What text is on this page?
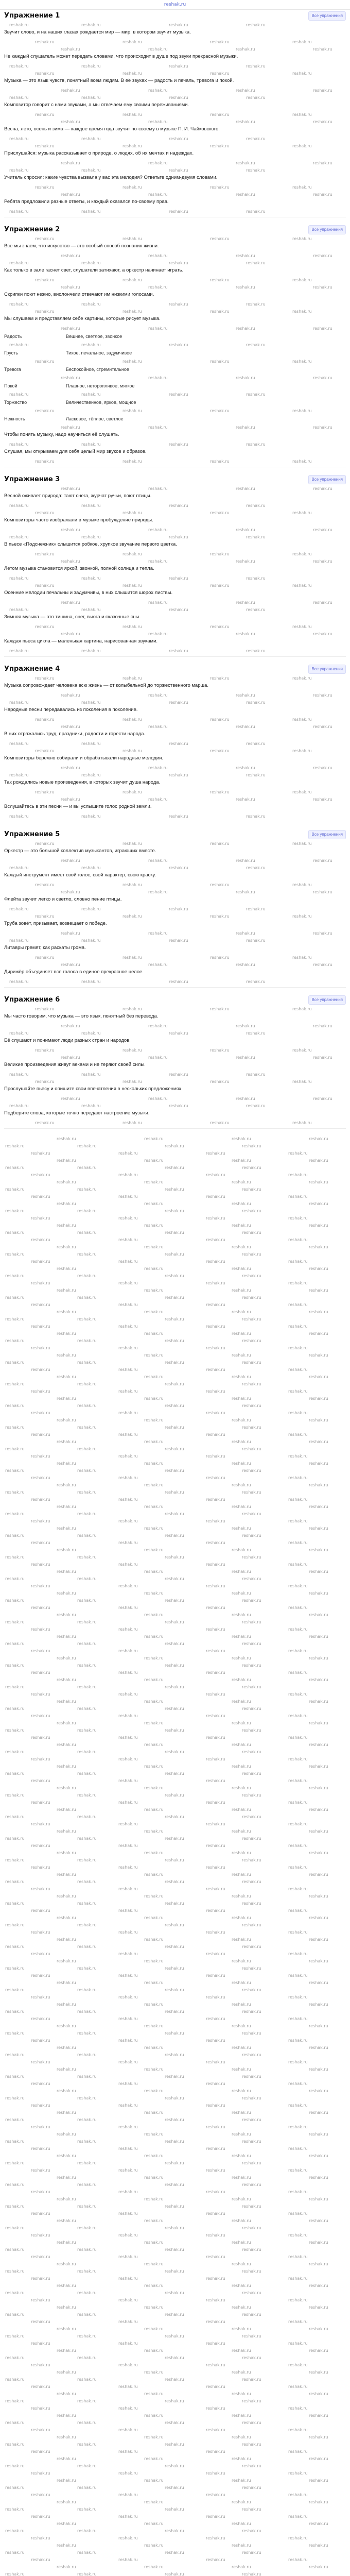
reshak.ru
Упражнение 1	Все упражнения
reshak.ru	reshak.ru	reshak.ru	reshak.ru

Звучит слово, и на наших глазах рождается мир — мир, в котором звучит музыка.

reshak.ru	reshak.ru	reshak.ru	reshak.ru
reshak.ru	reshak.ru	reshak.ru	reshak.ru

Не каждый слушатель может передать словами, что происходит в душе под звуки прекрасной музыки.

reshak.ru	reshak.ru	reshak.ru	reshak.ru
reshak.ru	reshak.ru	reshak.ru	reshak.ru

Музыка — это язык чувств, понятный всем людям. В её звуках — радость и печаль, тревога и покой.

reshak.ru	reshak.ru	reshak.ru	reshak.ru
reshak.ru	reshak.ru	reshak.ru	reshak.ru

Композитор говорит с нами звуками, а мы отвечаем ему своими переживаниями.

reshak.ru	reshak.ru	reshak.ru	reshak.ru
reshak.ru	reshak.ru	reshak.ru	reshak.ru

Весна, лето, осень и зима — каждое время года звучит по-своему в музыке П. И. Чайковского.

reshak.ru	reshak.ru	reshak.ru	reshak.ru
reshak.ru	reshak.ru	reshak.ru	reshak.ru

Прислушайся: музыка рассказывает о природе, о людях, об их мечтах и надеждах.

reshak.ru	reshak.ru	reshak.ru	reshak.ru
reshak.ru	reshak.ru	reshak.ru	reshak.ru

Учитель спросил: какие чувства вызвала у вас эта мелодия? Ответьте одним-двумя словами.

reshak.ru	reshak.ru	reshak.ru	reshak.ru
reshak.ru	reshak.ru	reshak.ru	reshak.ru

Ребята предложили разные ответы, и каждый оказался по-своему прав.

reshak.ru	reshak.ru	reshak.ru	reshak.ru
Упражнение 2	Все упражнения
reshak.ru	reshak.ru	reshak.ru	reshak.ru

Все мы знаем, что искусство — это особый способ познания жизни.

reshak.ru	reshak.ru	reshak.ru	reshak.ru
reshak.ru	reshak.ru	reshak.ru	reshak.ru

Как только в зале гаснет свет, слушатели затихают, а оркестр начинает играть.

reshak.ru	reshak.ru	reshak.ru	reshak.ru
reshak.ru	reshak.ru	reshak.ru	reshak.ru

Скрипки поют нежно, виолончели отвечают им низкими голосами.

reshak.ru	reshak.ru	reshak.ru	reshak.ru
reshak.ru	reshak.ru	reshak.ru	reshak.ru

Мы слушаем и представляем себе картины, которые рисует музыка.

reshak.ru	reshak.ru	reshak.ru	reshak.ru
Радость	Вешнее, светлое, звонкое
reshak.ru	reshak.ru	reshak.ru	reshak.ru
Грусть	Тихое, печальное, задумчивое
reshak.ru	reshak.ru	reshak.ru	reshak.ru
Тревога	Беспокойное, стремительное
reshak.ru	reshak.ru	reshak.ru	reshak.ru
Покой	Плавное, неторопливое, мягкое
reshak.ru	reshak.ru	reshak.ru	reshak.ru
Торжество	Величественное, яркое, мощное
reshak.ru	reshak.ru	reshak.ru	reshak.ru
Нежность	Ласковое, тёплое, светлое
reshak.ru	reshak.ru	reshak.ru	reshak.ru

Чтобы понять музыку, надо научиться её слушать.

reshak.ru	reshak.ru	reshak.ru	reshak.ru

Слушая, мы открываем для себя целый мир звуков и образов.

reshak.ru	reshak.ru	reshak.ru	reshak.ru
Упражнение 3	Все упражнения
reshak.ru	reshak.ru	reshak.ru	reshak.ru

Весной оживает природа: тают снега, журчат ручьи, поют птицы.

reshak.ru	reshak.ru	reshak.ru	reshak.ru
reshak.ru	reshak.ru	reshak.ru	reshak.ru

Композиторы часто изображали в музыке пробуждение природы.

reshak.ru	reshak.ru	reshak.ru	reshak.ru
reshak.ru	reshak.ru	reshak.ru	reshak.ru

В пьесе «Подснежник» слышится робкое, хрупкое звучание первого цветка.

reshak.ru	reshak.ru	reshak.ru	reshak.ru
reshak.ru	reshak.ru	reshak.ru	reshak.ru

Летом музыка становится яркой, звонкой, полной солнца и тепла.

reshak.ru	reshak.ru	reshak.ru	reshak.ru
reshak.ru	reshak.ru	reshak.ru	reshak.ru

Осенние мелодии печальны и задумчивы, в них слышится шорох листвы.

reshak.ru	reshak.ru	reshak.ru	reshak.ru
reshak.ru	reshak.ru	reshak.ru	reshak.ru

Зимняя музыка — это тишина, снег, вьюга и сказочные сны.

reshak.ru	reshak.ru	reshak.ru	reshak.ru
reshak.ru	reshak.ru	reshak.ru	reshak.ru

Каждая пьеса цикла — маленькая картина, нарисованная звуками.

reshak.ru	reshak.ru	reshak.ru	reshak.ru
Упражнение 4	Все упражнения
reshak.ru	reshak.ru	reshak.ru	reshak.ru

Музыка сопровождает человека всю жизнь — от колыбельной до торжественного марша.

reshak.ru	reshak.ru	reshak.ru	reshak.ru
reshak.ru	reshak.ru	reshak.ru	reshak.ru

Народные песни передавались из поколения в поколение.

reshak.ru	reshak.ru	reshak.ru	reshak.ru
reshak.ru	reshak.ru	reshak.ru	reshak.ru

В них отражались труд, праздники, радости и горести народа.

reshak.ru	reshak.ru	reshak.ru	reshak.ru
reshak.ru	reshak.ru	reshak.ru	reshak.ru

Композиторы бережно собирали и обрабатывали народные мелодии.

reshak.ru	reshak.ru	reshak.ru	reshak.ru
reshak.ru	reshak.ru	reshak.ru	reshak.ru

Так рождались новые произведения, в которых звучит душа народа.

reshak.ru	reshak.ru	reshak.ru	reshak.ru
reshak.ru	reshak.ru	reshak.ru	reshak.ru

Вслушайтесь в эти песни — и вы услышите голос родной земли.

reshak.ru	reshak.ru	reshak.ru	reshak.ru
Упражнение 5	Все упражнения
reshak.ru	reshak.ru	reshak.ru	reshak.ru

Оркестр — это большой коллектив музыкантов, играющих вместе.

reshak.ru	reshak.ru	reshak.ru	reshak.ru
reshak.ru	reshak.ru	reshak.ru	reshak.ru

Каждый инструмент имеет свой голос, свой характер, свою краску.

reshak.ru	reshak.ru	reshak.ru	reshak.ru
reshak.ru	reshak.ru	reshak.ru	reshak.ru

Флейта звучит легко и светло, словно пение птицы.

reshak.ru	reshak.ru	reshak.ru	reshak.ru
reshak.ru	reshak.ru	reshak.ru	reshak.ru

Труба зовёт, призывает, возвещает о победе.

reshak.ru	reshak.ru	reshak.ru	reshak.ru
reshak.ru	reshak.ru	reshak.ru	reshak.ru

Литавры гремят, как раскаты грома.

reshak.ru	reshak.ru	reshak.ru	reshak.ru
reshak.ru	reshak.ru	reshak.ru	reshak.ru

Дирижёр объединяет все голоса в единое прекрасное целое.

reshak.ru	reshak.ru	reshak.ru	reshak.ru
Упражнение 6	Все упражнения
reshak.ru	reshak.ru	reshak.ru	reshak.ru

Мы часто говорим, что музыка — это язык, понятный без перевода.

reshak.ru	reshak.ru	reshak.ru	reshak.ru
reshak.ru	reshak.ru	reshak.ru	reshak.ru

Её слушают и понимают люди разных стран и народов.

reshak.ru	reshak.ru	reshak.ru	reshak.ru
reshak.ru	reshak.ru	reshak.ru	reshak.ru

Великие произведения живут веками и не теряют своей силы.

reshak.ru	reshak.ru	reshak.ru	reshak.ru
reshak.ru	reshak.ru	reshak.ru	reshak.ru

Прослушайте пьесу и опишите свои впечатления в нескольких предложениях.

reshak.ru	reshak.ru	reshak.ru	reshak.ru
reshak.ru	reshak.ru	reshak.ru	reshak.ru

Подберите слова, которые точно передают настроение музыки.

reshak.ru	reshak.ru	reshak.ru	reshak.ru
reshak.ru	reshak.ru	reshak.ru	reshak.ru
reshak.ru	reshak.ru	reshak.ru	reshak.ru
reshak.ru	reshak.ru	reshak.ru	reshak.ru
reshak.ru	reshak.ru	reshak.ru	reshak.ru
reshak.ru	reshak.ru	reshak.ru	reshak.ru
reshak.ru	reshak.ru	reshak.ru	reshak.ru
reshak.ru	reshak.ru	reshak.ru	reshak.ru
reshak.ru	reshak.ru	reshak.ru	reshak.ru
reshak.ru	reshak.ru	reshak.ru	reshak.ru
reshak.ru	reshak.ru	reshak.ru	reshak.ru
reshak.ru	reshak.ru	reshak.ru	reshak.ru
reshak.ru	reshak.ru	reshak.ru	reshak.ru
reshak.ru	reshak.ru	reshak.ru	reshak.ru
reshak.ru	reshak.ru	reshak.ru	reshak.ru
reshak.ru	reshak.ru	reshak.ru	reshak.ru
reshak.ru	reshak.ru	reshak.ru	reshak.ru
reshak.ru	reshak.ru	reshak.ru	reshak.ru
reshak.ru	reshak.ru	reshak.ru	reshak.ru
reshak.ru	reshak.ru	reshak.ru	reshak.ru
reshak.ru	reshak.ru	reshak.ru	reshak.ru
reshak.ru	reshak.ru	reshak.ru	reshak.ru
reshak.ru	reshak.ru	reshak.ru	reshak.ru
reshak.ru	reshak.ru	reshak.ru	reshak.ru
reshak.ru	reshak.ru	reshak.ru	reshak.ru
reshak.ru	reshak.ru	reshak.ru	reshak.ru
reshak.ru	reshak.ru	reshak.ru	reshak.ru
reshak.ru	reshak.ru	reshak.ru	reshak.ru
reshak.ru	reshak.ru	reshak.ru	reshak.ru
reshak.ru	reshak.ru	reshak.ru	reshak.ru
reshak.ru	reshak.ru	reshak.ru	reshak.ru
reshak.ru	reshak.ru	reshak.ru	reshak.ru
reshak.ru	reshak.ru	reshak.ru	reshak.ru
reshak.ru	reshak.ru	reshak.ru	reshak.ru
reshak.ru	reshak.ru	reshak.ru	reshak.ru
reshak.ru	reshak.ru	reshak.ru	reshak.ru
reshak.ru	reshak.ru	reshak.ru	reshak.ru
reshak.ru	reshak.ru	reshak.ru	reshak.ru
reshak.ru	reshak.ru	reshak.ru	reshak.ru
reshak.ru	reshak.ru	reshak.ru	reshak.ru
reshak.ru	reshak.ru	reshak.ru	reshak.ru
reshak.ru	reshak.ru	reshak.ru	reshak.ru
reshak.ru	reshak.ru	reshak.ru	reshak.ru
reshak.ru	reshak.ru	reshak.ru	reshak.ru
reshak.ru	reshak.ru	reshak.ru	reshak.ru
reshak.ru	reshak.ru	reshak.ru	reshak.ru
reshak.ru	reshak.ru	reshak.ru	reshak.ru
reshak.ru	reshak.ru	reshak.ru	reshak.ru
reshak.ru	reshak.ru	reshak.ru	reshak.ru
reshak.ru	reshak.ru	reshak.ru	reshak.ru
reshak.ru	reshak.ru	reshak.ru	reshak.ru
reshak.ru	reshak.ru	reshak.ru	reshak.ru
reshak.ru	reshak.ru	reshak.ru	reshak.ru
reshak.ru	reshak.ru	reshak.ru	reshak.ru
reshak.ru	reshak.ru	reshak.ru	reshak.ru
reshak.ru	reshak.ru	reshak.ru	reshak.ru
reshak.ru	reshak.ru	reshak.ru	reshak.ru
reshak.ru	reshak.ru	reshak.ru	reshak.ru
reshak.ru	reshak.ru	reshak.ru	reshak.ru
reshak.ru	reshak.ru	reshak.ru	reshak.ru
reshak.ru	reshak.ru	reshak.ru	reshak.ru
reshak.ru	reshak.ru	reshak.ru	reshak.ru
reshak.ru	reshak.ru	reshak.ru	reshak.ru
reshak.ru	reshak.ru	reshak.ru	reshak.ru
reshak.ru	reshak.ru	reshak.ru	reshak.ru
reshak.ru	reshak.ru	reshak.ru	reshak.ru
reshak.ru	reshak.ru	reshak.ru	reshak.ru
reshak.ru	reshak.ru	reshak.ru	reshak.ru
reshak.ru	reshak.ru	reshak.ru	reshak.ru
reshak.ru	reshak.ru	reshak.ru	reshak.ru
reshak.ru	reshak.ru	reshak.ru	reshak.ru
reshak.ru	reshak.ru	reshak.ru	reshak.ru
reshak.ru	reshak.ru	reshak.ru	reshak.ru
reshak.ru	reshak.ru	reshak.ru	reshak.ru
reshak.ru	reshak.ru	reshak.ru	reshak.ru
reshak.ru	reshak.ru	reshak.ru	reshak.ru
reshak.ru	reshak.ru	reshak.ru	reshak.ru
reshak.ru	reshak.ru	reshak.ru	reshak.ru
reshak.ru	reshak.ru	reshak.ru	reshak.ru
reshak.ru	reshak.ru	reshak.ru	reshak.ru
reshak.ru	reshak.ru	reshak.ru	reshak.ru
reshak.ru	reshak.ru	reshak.ru	reshak.ru
reshak.ru	reshak.ru	reshak.ru	reshak.ru
reshak.ru	reshak.ru	reshak.ru	reshak.ru
reshak.ru	reshak.ru	reshak.ru	reshak.ru
reshak.ru	reshak.ru	reshak.ru	reshak.ru
reshak.ru	reshak.ru	reshak.ru	reshak.ru
reshak.ru	reshak.ru	reshak.ru	reshak.ru
reshak.ru	reshak.ru	reshak.ru	reshak.ru
reshak.ru	reshak.ru	reshak.ru	reshak.ru
reshak.ru	reshak.ru	reshak.ru	reshak.ru
reshak.ru	reshak.ru	reshak.ru	reshak.ru
reshak.ru	reshak.ru	reshak.ru	reshak.ru
reshak.ru	reshak.ru	reshak.ru	reshak.ru
reshak.ru	reshak.ru	reshak.ru	reshak.ru
reshak.ru	reshak.ru	reshak.ru	reshak.ru
reshak.ru	reshak.ru	reshak.ru	reshak.ru
reshak.ru	reshak.ru	reshak.ru	reshak.ru
reshak.ru	reshak.ru	reshak.ru	reshak.ru
reshak.ru	reshak.ru	reshak.ru	reshak.ru
reshak.ru	reshak.ru	reshak.ru	reshak.ru
reshak.ru	reshak.ru	reshak.ru	reshak.ru
reshak.ru	reshak.ru	reshak.ru	reshak.ru
reshak.ru	reshak.ru	reshak.ru	reshak.ru
reshak.ru	reshak.ru	reshak.ru	reshak.ru
reshak.ru	reshak.ru	reshak.ru	reshak.ru
reshak.ru	reshak.ru	reshak.ru	reshak.ru
reshak.ru	reshak.ru	reshak.ru	reshak.ru
reshak.ru	reshak.ru	reshak.ru	reshak.ru
reshak.ru	reshak.ru	reshak.ru	reshak.ru
reshak.ru	reshak.ru	reshak.ru	reshak.ru
reshak.ru	reshak.ru	reshak.ru	reshak.ru
reshak.ru	reshak.ru	reshak.ru	reshak.ru
reshak.ru	reshak.ru	reshak.ru	reshak.ru
reshak.ru	reshak.ru	reshak.ru	reshak.ru
reshak.ru	reshak.ru	reshak.ru	reshak.ru
reshak.ru	reshak.ru	reshak.ru	reshak.ru
reshak.ru	reshak.ru	reshak.ru	reshak.ru
reshak.ru	reshak.ru	reshak.ru	reshak.ru
reshak.ru	reshak.ru	reshak.ru	reshak.ru
reshak.ru	reshak.ru	reshak.ru	reshak.ru
reshak.ru	reshak.ru	reshak.ru	reshak.ru
reshak.ru	reshak.ru	reshak.ru	reshak.ru
reshak.ru	reshak.ru	reshak.ru	reshak.ru
reshak.ru	reshak.ru	reshak.ru	reshak.ru
reshak.ru	reshak.ru	reshak.ru	reshak.ru
reshak.ru	reshak.ru	reshak.ru	reshak.ru
reshak.ru	reshak.ru	reshak.ru	reshak.ru
reshak.ru	reshak.ru	reshak.ru	reshak.ru
reshak.ru	reshak.ru	reshak.ru	reshak.ru
reshak.ru	reshak.ru	reshak.ru	reshak.ru
reshak.ru	reshak.ru	reshak.ru	reshak.ru
reshak.ru	reshak.ru	reshak.ru	reshak.ru
reshak.ru	reshak.ru	reshak.ru	reshak.ru
reshak.ru	reshak.ru	reshak.ru	reshak.ru
reshak.ru	reshak.ru	reshak.ru	reshak.ru
reshak.ru	reshak.ru	reshak.ru	reshak.ru
reshak.ru	reshak.ru	reshak.ru	reshak.ru
reshak.ru	reshak.ru	reshak.ru	reshak.ru
reshak.ru	reshak.ru	reshak.ru	reshak.ru
reshak.ru	reshak.ru	reshak.ru	reshak.ru
reshak.ru	reshak.ru	reshak.ru	reshak.ru
reshak.ru	reshak.ru	reshak.ru	reshak.ru
reshak.ru	reshak.ru	reshak.ru	reshak.ru
reshak.ru	reshak.ru	reshak.ru	reshak.ru
reshak.ru	reshak.ru	reshak.ru	reshak.ru
reshak.ru	reshak.ru	reshak.ru	reshak.ru
reshak.ru	reshak.ru	reshak.ru	reshak.ru
reshak.ru	reshak.ru	reshak.ru	reshak.ru
reshak.ru	reshak.ru	reshak.ru	reshak.ru
reshak.ru	reshak.ru	reshak.ru	reshak.ru
reshak.ru	reshak.ru	reshak.ru	reshak.ru
reshak.ru	reshak.ru	reshak.ru	reshak.ru
reshak.ru	reshak.ru	reshak.ru	reshak.ru
reshak.ru	reshak.ru	reshak.ru	reshak.ru
reshak.ru	reshak.ru	reshak.ru	reshak.ru
reshak.ru	reshak.ru	reshak.ru	reshak.ru
reshak.ru	reshak.ru	reshak.ru	reshak.ru
reshak.ru	reshak.ru	reshak.ru	reshak.ru
reshak.ru	reshak.ru	reshak.ru	reshak.ru
reshak.ru	reshak.ru	reshak.ru	reshak.ru
reshak.ru	reshak.ru	reshak.ru	reshak.ru
reshak.ru	reshak.ru	reshak.ru	reshak.ru
reshak.ru	reshak.ru	reshak.ru	reshak.ru
reshak.ru	reshak.ru	reshak.ru	reshak.ru
reshak.ru	reshak.ru	reshak.ru	reshak.ru
reshak.ru	reshak.ru	reshak.ru	reshak.ru
reshak.ru	reshak.ru	reshak.ru	reshak.ru
reshak.ru	reshak.ru	reshak.ru	reshak.ru
reshak.ru	reshak.ru	reshak.ru	reshak.ru
reshak.ru	reshak.ru	reshak.ru	reshak.ru
reshak.ru	reshak.ru	reshak.ru	reshak.ru
reshak.ru	reshak.ru	reshak.ru	reshak.ru
reshak.ru	reshak.ru	reshak.ru	reshak.ru
reshak.ru	reshak.ru	reshak.ru	reshak.ru
reshak.ru	reshak.ru	reshak.ru	reshak.ru
reshak.ru	reshak.ru	reshak.ru	reshak.ru
reshak.ru	reshak.ru	reshak.ru	reshak.ru
reshak.ru	reshak.ru	reshak.ru	reshak.ru
reshak.ru	reshak.ru	reshak.ru	reshak.ru
reshak.ru	reshak.ru	reshak.ru	reshak.ru
reshak.ru	reshak.ru	reshak.ru	reshak.ru
reshak.ru	reshak.ru	reshak.ru	reshak.ru
reshak.ru	reshak.ru	reshak.ru	reshak.ru
reshak.ru	reshak.ru	reshak.ru	reshak.ru
reshak.ru	reshak.ru	reshak.ru	reshak.ru
reshak.ru	reshak.ru	reshak.ru	reshak.ru
reshak.ru	reshak.ru	reshak.ru	reshak.ru
reshak.ru	reshak.ru	reshak.ru	reshak.ru
reshak.ru	reshak.ru	reshak.ru	reshak.ru
reshak.ru	reshak.ru	reshak.ru	reshak.ru
reshak.ru	reshak.ru	reshak.ru	reshak.ru
reshak.ru	reshak.ru	reshak.ru	reshak.ru
reshak.ru	reshak.ru	reshak.ru	reshak.ru
reshak.ru	reshak.ru	reshak.ru	reshak.ru
reshak.ru	reshak.ru	reshak.ru	reshak.ru
reshak.ru	reshak.ru	reshak.ru	reshak.ru
reshak.ru	reshak.ru	reshak.ru	reshak.ru
reshak.ru	reshak.ru	reshak.ru	reshak.ru
reshak.ru	reshak.ru	reshak.ru	reshak.ru
reshak.ru	reshak.ru	reshak.ru	reshak.ru
